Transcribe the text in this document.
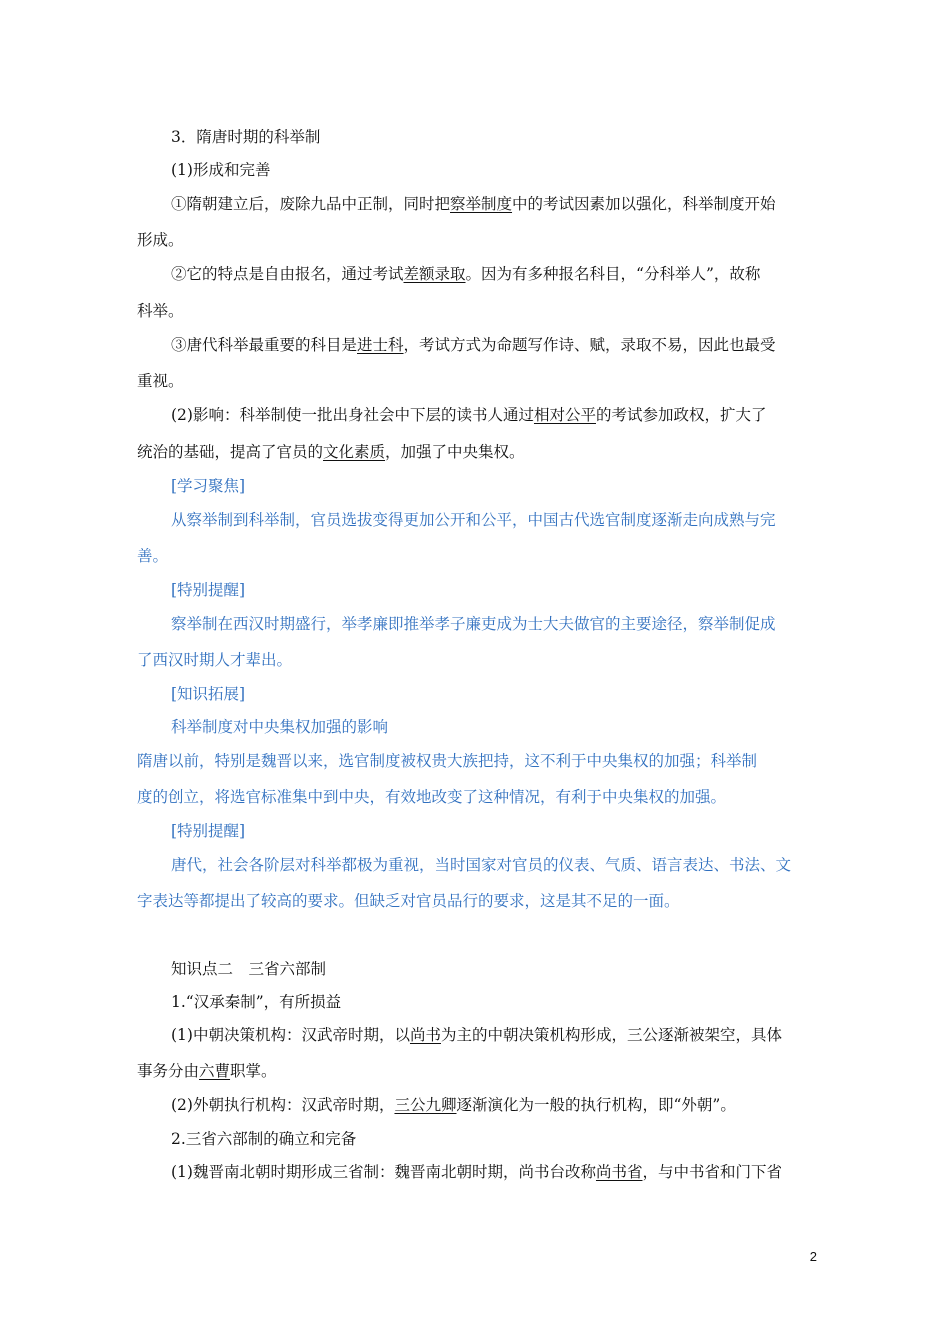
3．隋唐时期的科举制
(1)形成和完善
①隋朝建立后，废除九品中正制，同时把察举制度中的考试因素加以强化，科举制度开始
形成。
②它的特点是自由报名，通过考试差额录取。因为有多种报名科目，“分科举人”，故称
科举。
③唐代科举最重要的科目是进士科，考试方式为命题写作诗、赋，录取不易，因此也最受
重视。
(2)影响：科举制使一批出身社会中下层的读书人通过相对公平的考试参加政权，扩大了
统治的基础，提高了官员的文化素质，加强了中央集权。
[学习聚焦]
从察举制到科举制，官员选拔变得更加公开和公平，中国古代选官制度逐渐走向成熟与完
善。
[特别提醒]
察举制在西汉时期盛行，举孝廉即推举孝子廉吏成为士大夫做官的主要途径，察举制促成
了西汉时期人才辈出。
[知识拓展]
科举制度对中央集权加强的影响
隋唐以前，特别是魏晋以来，选官制度被权贵大族把持，这不利于中央集权的加强；科举制
度的创立，将选官标准集中到中央，有效地改变了这种情况，有利于中央集权的加强。
[特别提醒]
唐代，社会各阶层对科举都极为重视，当时国家对官员的仪表、气质、语言表达、书法、文
字表达等都提出了较高的要求。但缺乏对官员品行的要求，这是其不足的一面。
知识点二　三省六部制
1.“汉承秦制”，有所损益
(1)中朝决策机构：汉武帝时期，以尚书为主的中朝决策机构形成，三公逐渐被架空，具体
事务分由六曹职掌。
(2)外朝执行机构：汉武帝时期，三公九卿逐渐演化为一般的执行机构，即“外朝”。
2.三省六部制的确立和完备
(1)魏晋南北朝时期形成三省制：魏晋南北朝时期，尚书台改称尚书省，与中书省和门下省
2
